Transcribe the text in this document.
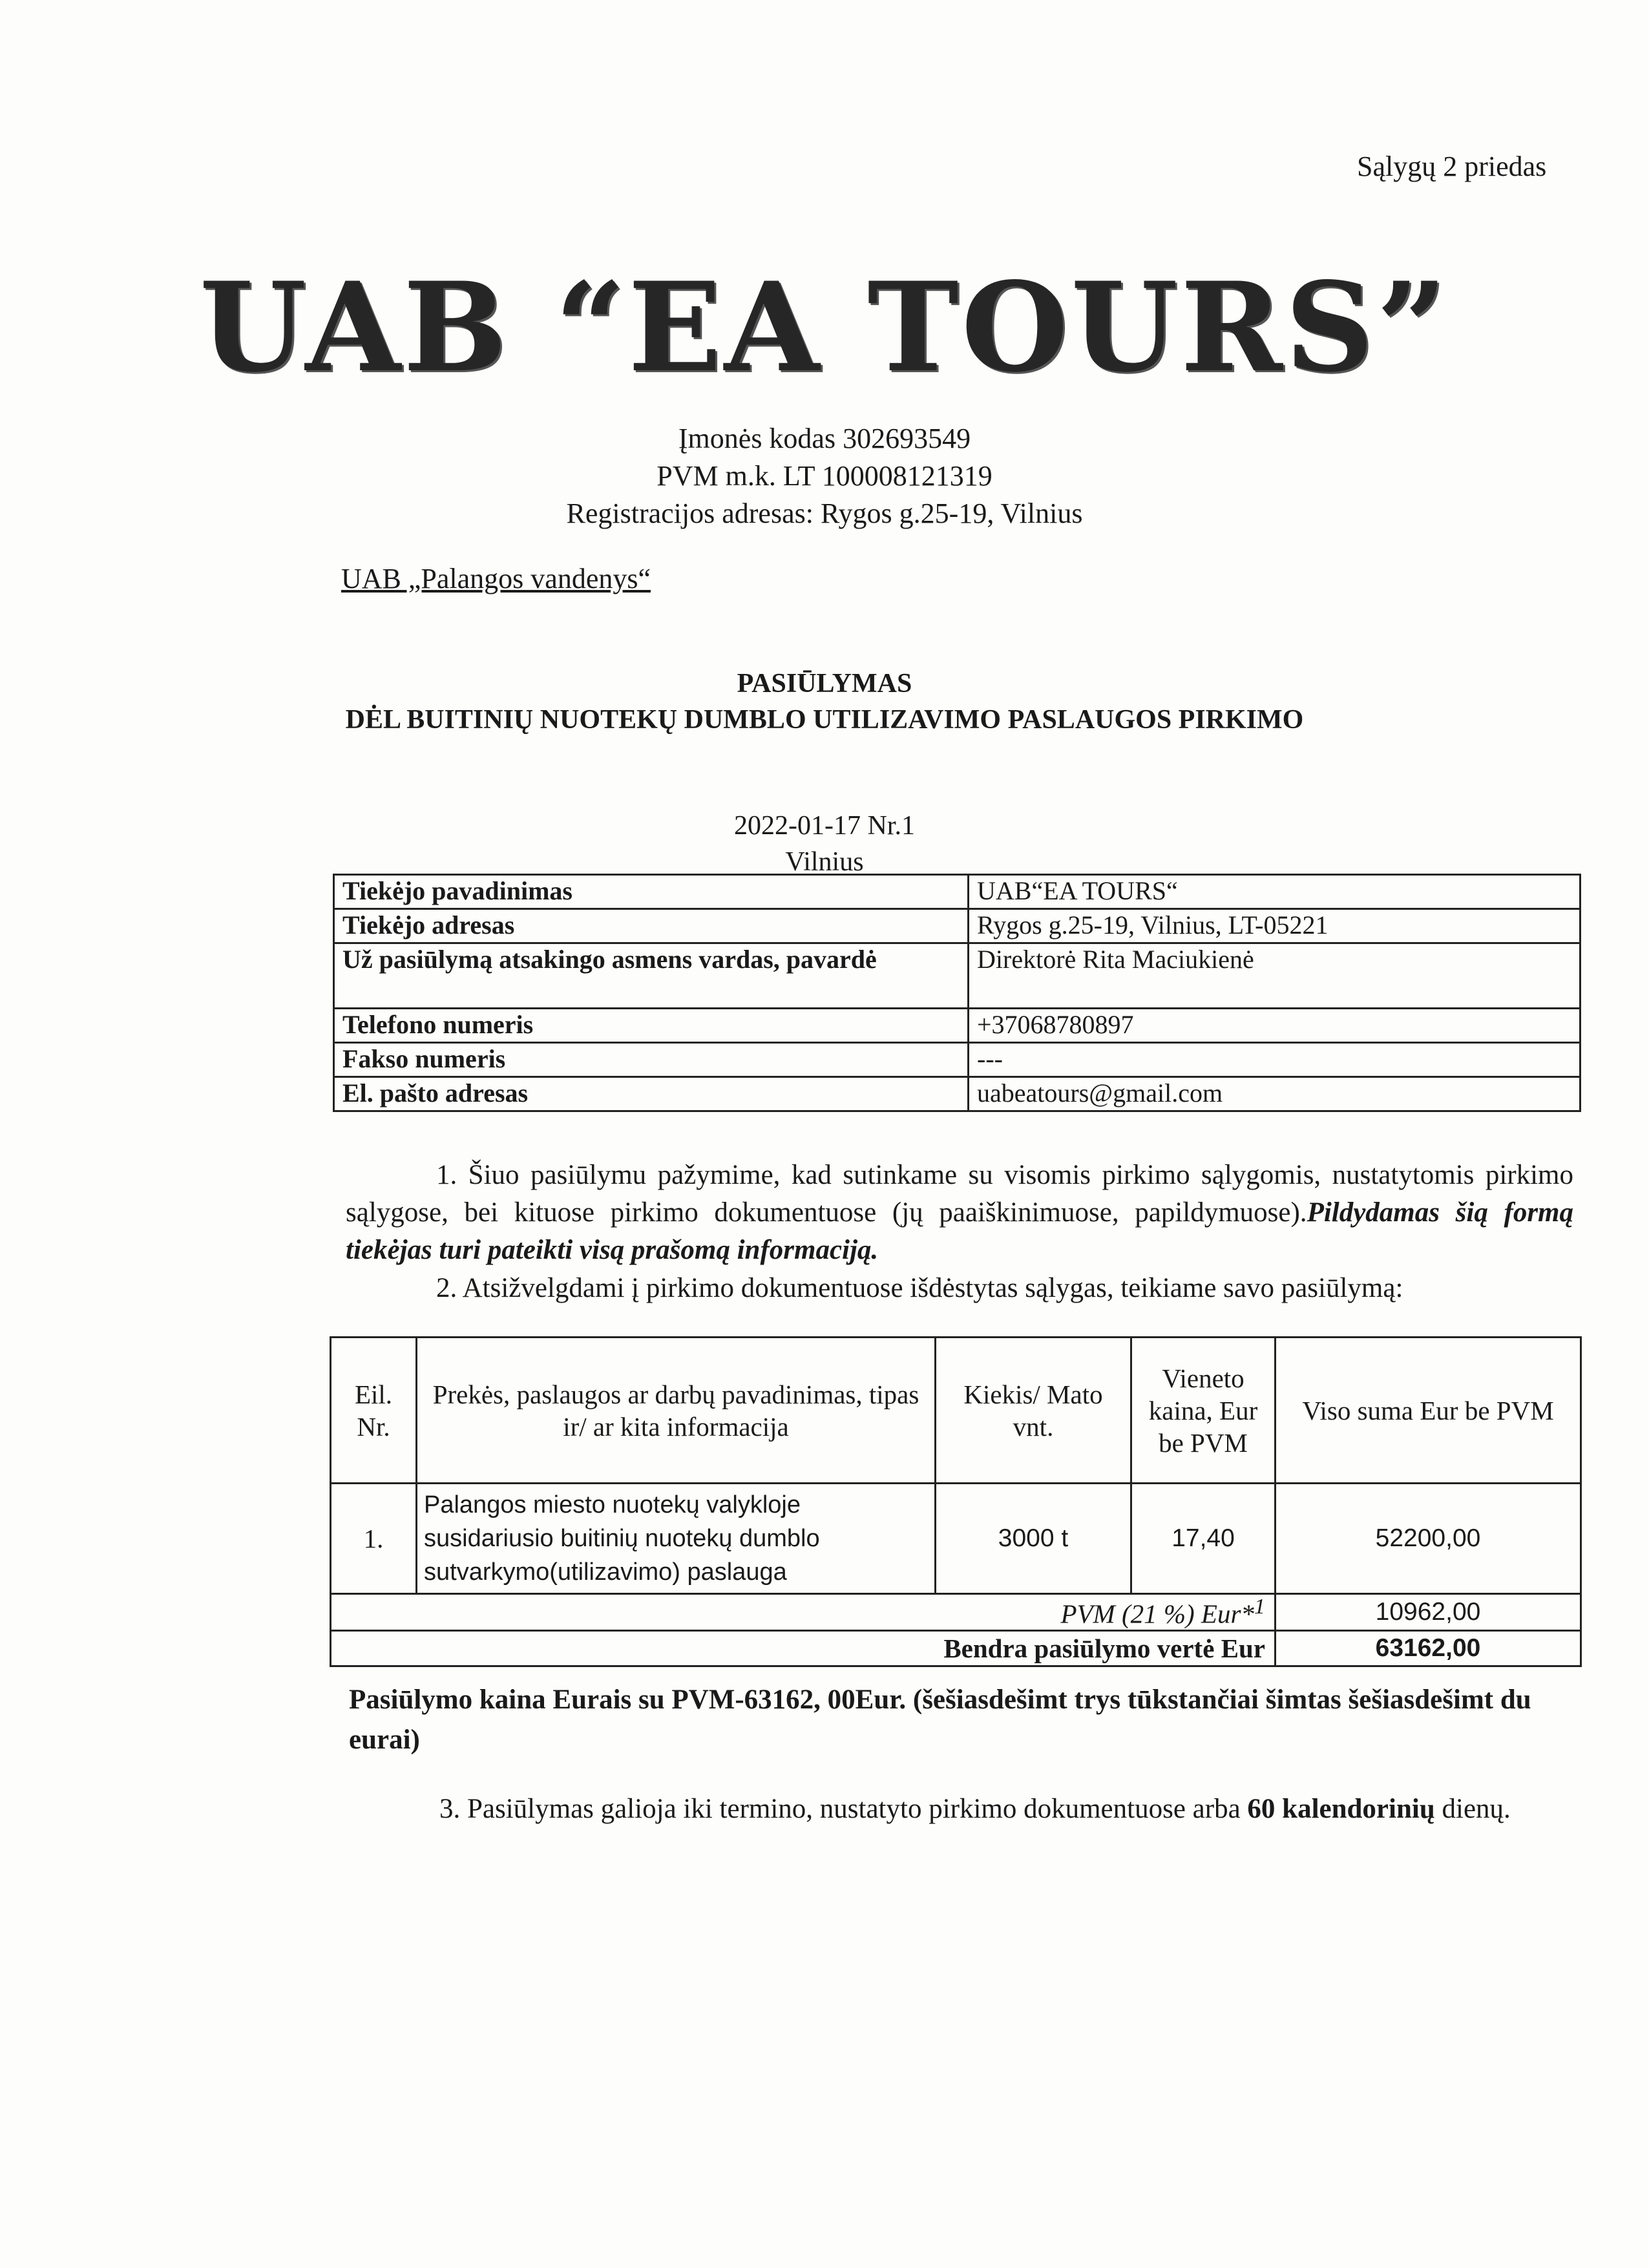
Sąlygų 2 priedas
UAB “EA TOURS”
Įmonės kodas 302693549
PVM m.k. LT 100008121319
Registracijos adresas: Rygos g.25-19, Vilnius
UAB „Palangos vandenys“
PASIŪLYMAS
DĖL BUITINIŲ NUOTEKŲ DUMBLO UTILIZAVIMO PASLAUGOS PIRKIMO
2022-01-17 Nr.1
Vilnius
Tiekėjo pavadinimas	UAB“EA TOURS“
Tiekėjo adresas	Rygos g.25-19, Vilnius, LT-05221
Už pasiūlymą atsakingo asmens vardas, pavardė	Direktorė Rita Maciukienė
Telefono numeris	+37068780897
Fakso numeris	---
El. pašto adresas	uabeatours@gmail.com
1. Šiuo pasiūlymu pažymime, kad sutinkame su visomis pirkimo sąlygomis, nustatytomis pirkimo sąlygose, bei kituose pirkimo dokumentuose (jų paaiškinimuose, papildymuose).Pildydamas šią formą tiekėjas turi pateikti visą prašomą informaciją.
2. Atsižvelgdami į pirkimo dokumentuose išdėstytas sąlygas, teikiame savo pasiūlymą:
Eil. Nr.	Prekės, paslaugos ar darbų pavadinimas, tipas ir/ ar kita informacija	Kiekis/ Mato vnt.	Vieneto kaina, Eur be PVM	Viso suma Eur be PVM
1.	Palangos miesto nuotekų valykloje susidariusio buitinių nuotekų dumblo sutvarkymo(utilizavimo) paslauga	3000 t	17,40	52200,00
PVM (21 %) Eur*$^1$				10962,00
Bendra pasiūlymo vertė Eur				63162,00
Pasiūlymo kaina Eurais su PVM-63162, 00Eur. (šešiasdešimt trys tūkstančiai šimtas šešiasdešimt du eurai)
3. Pasiūlymas galioja iki termino, nustatyto pirkimo dokumentuose arba 60 kalendorinių dienų.
